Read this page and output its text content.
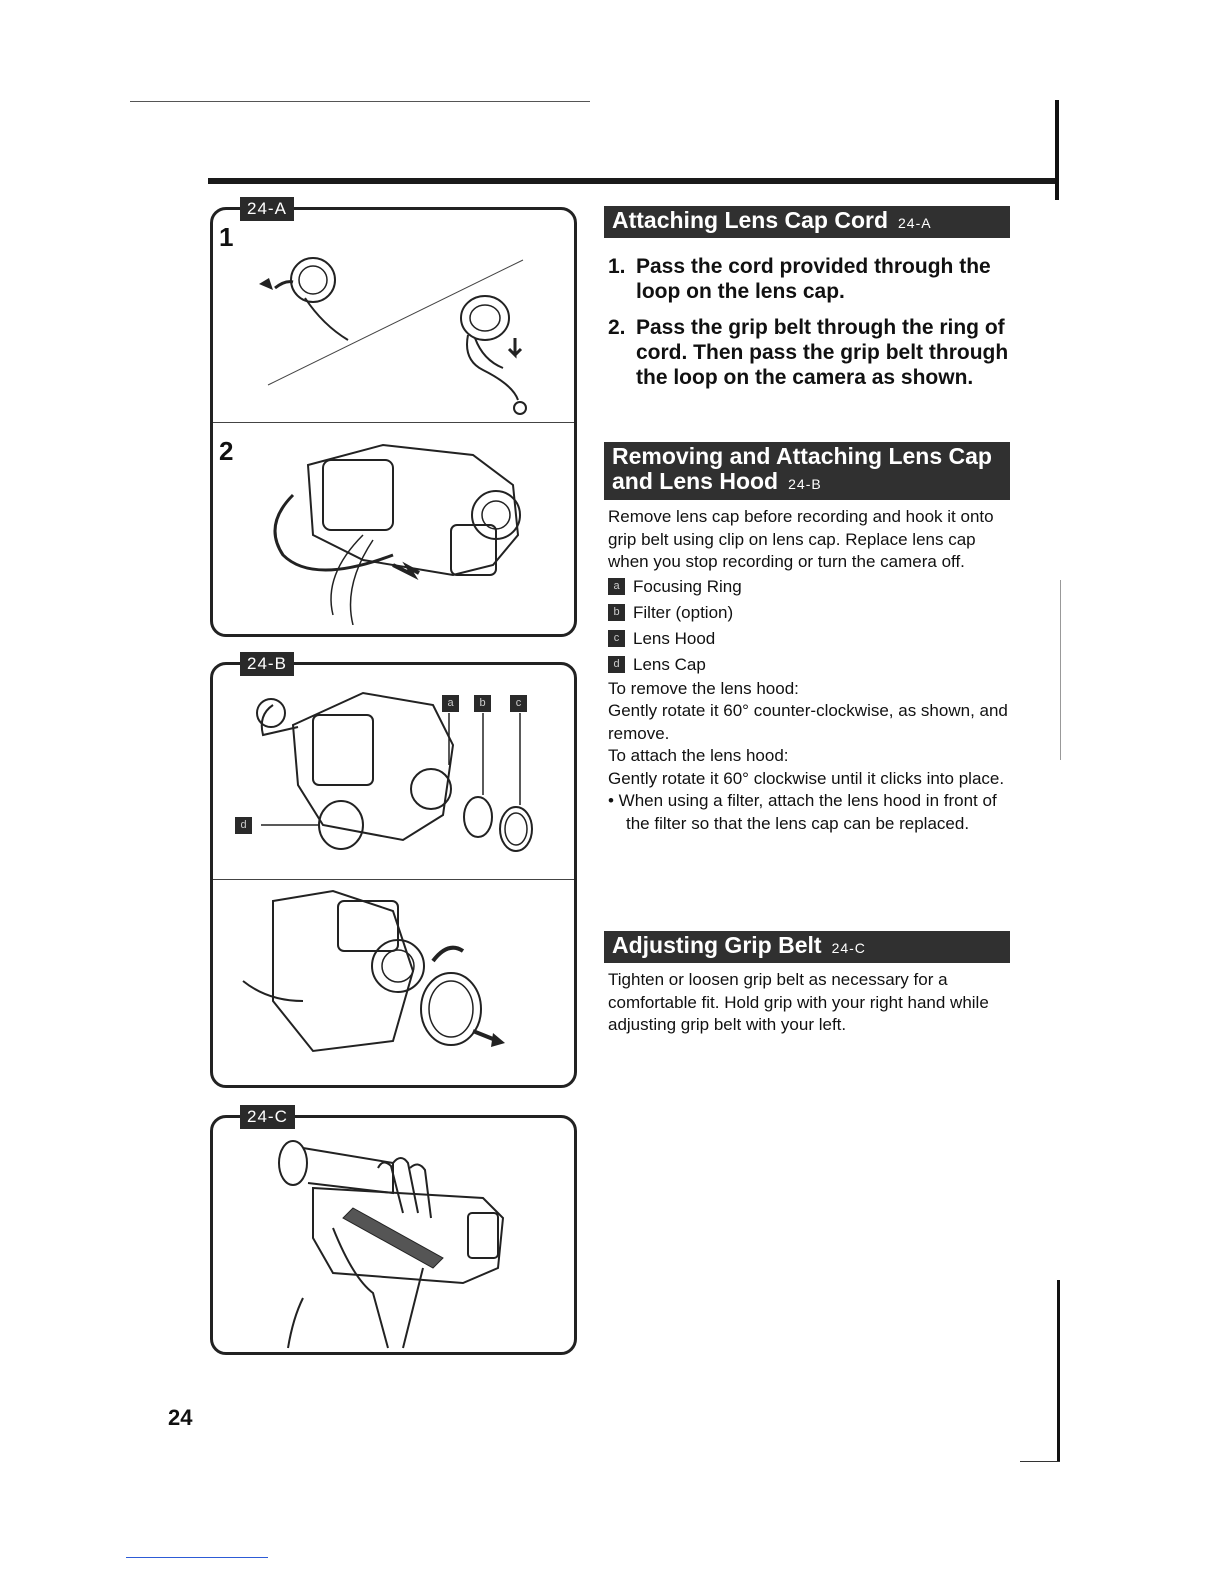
24-A
1
2
24-B
a	b	c
d
24-C
Attaching Lens Cap Cord 24-A
1. Pass the cord provided through the loop on the lens cap.
2. Pass the grip belt through the ring of cord. Then pass the grip belt through the loop on the camera as shown.
Removing and Attaching Lens Cap
and Lens Hood 24-B

Remove lens cap before recording and hook it onto grip belt using clip on lens cap. Replace lens cap when you stop recording or turn the camera off.

a Focusing Ring
b Filter (option)
c Lens Hood
d Lens Cap

To remove the lens hood:

Gently rotate it 60° counter-clockwise, as shown, and remove.

To attach the lens hood:

Gently rotate it 60° clockwise until it clicks into place.

• When using a filter, attach the lens hood in front of the filter so that the lens cap can be replaced.

Adjusting Grip Belt 24-C

Tighten or loosen grip belt as necessary for a comfortable fit. Hold grip with your right hand while adjusting grip belt with your left.

24
